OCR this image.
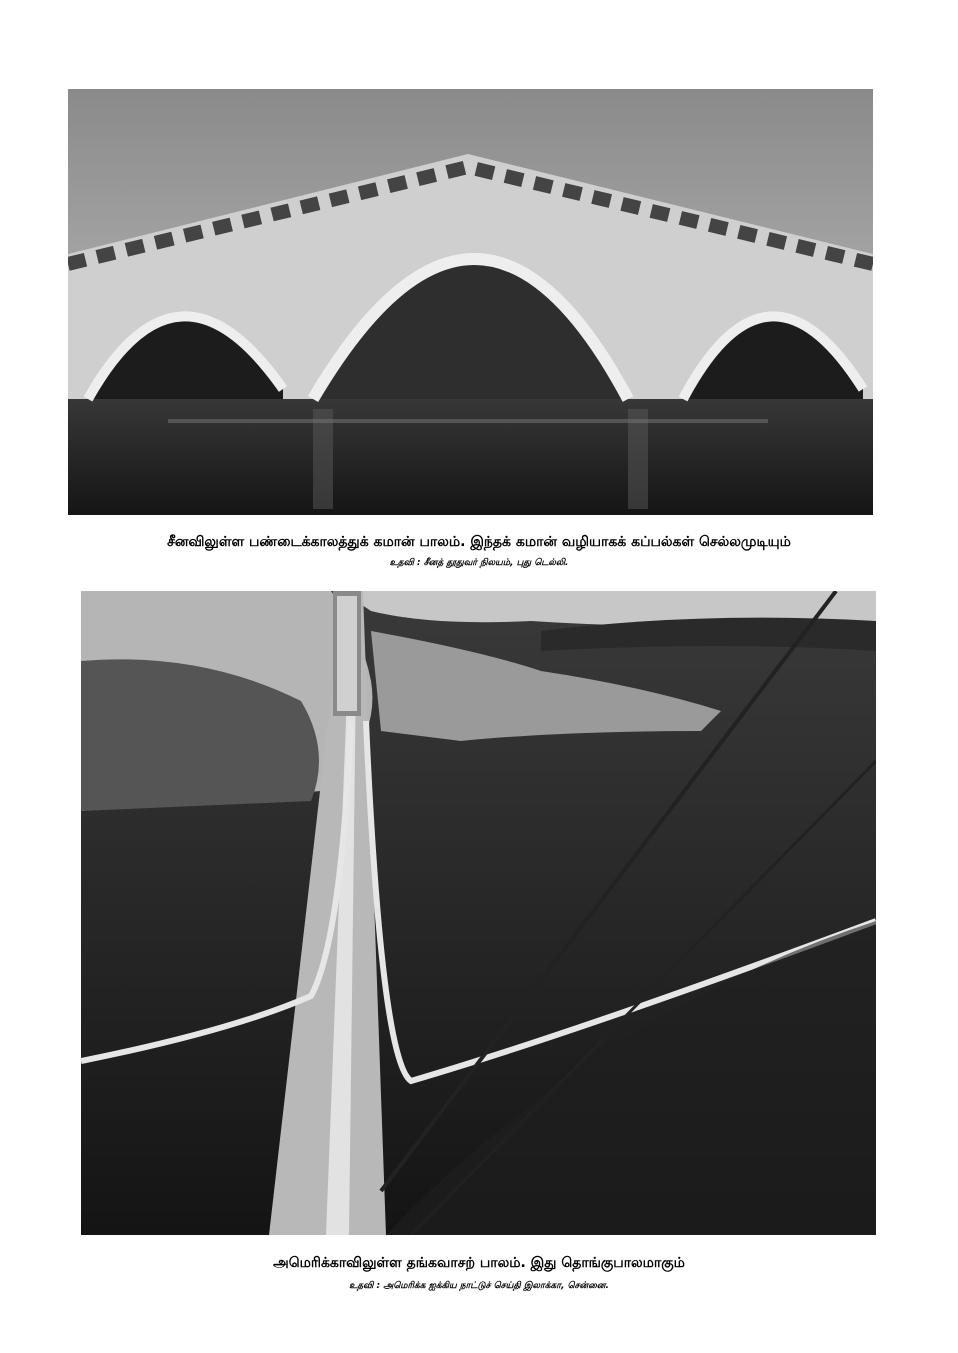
சீனவிலுள்ள பண்டைக்காலத்துக் கமான் பாலம். இந்தக் கமான் வழியாகக் கப்பல்கள் செல்லமுடியும்
உதவி : சீனத் தூதுவர் நிலயம், புது டெல்லி.
அமெரிக்காவிலுள்ள தங்கவாசற் பாலம். இது தொங்குபாலமாகும்
உதவி : அமெரிக்க ஐக்கிய நாட்டுச் செய்தி இலாக்கா, சென்னை.
